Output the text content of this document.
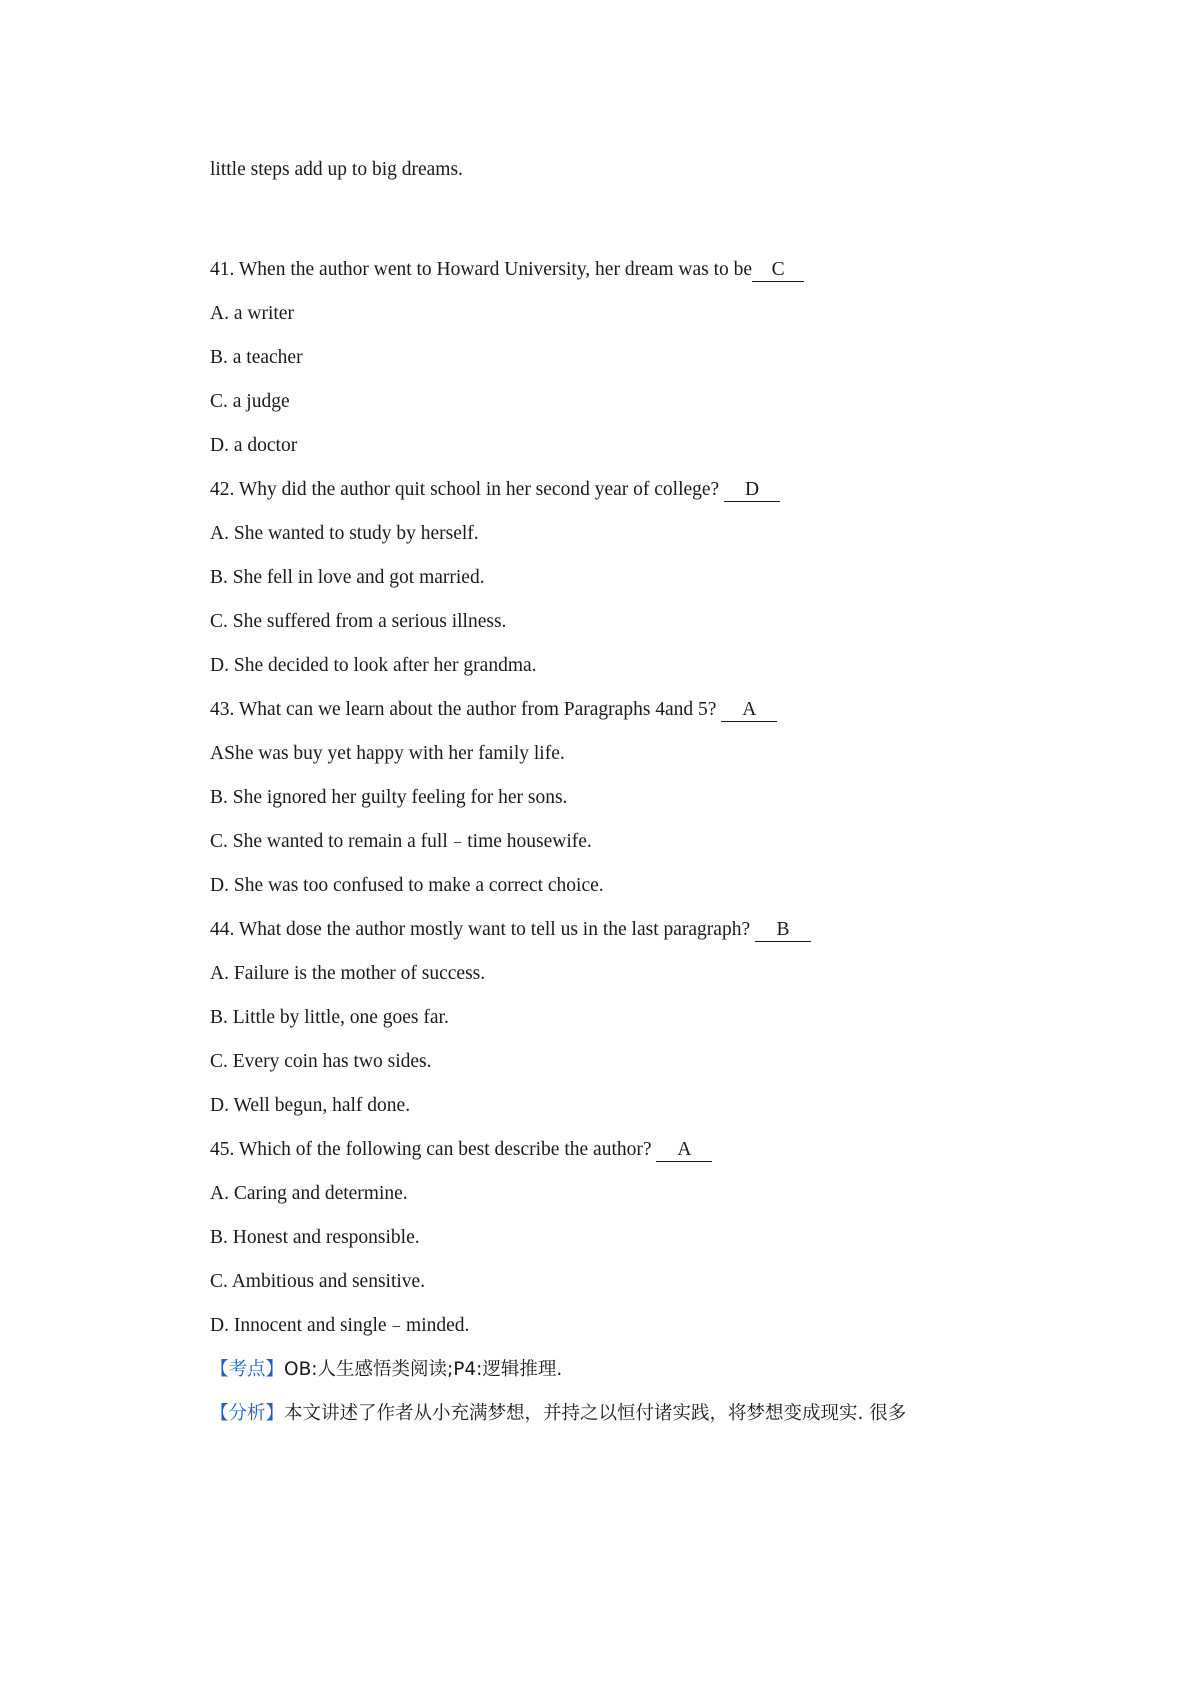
little steps add up to big dreams.
41. When the author went to Howard University, her dream was to be C
A. a writer
B. a teacher
C. a judge
D. a doctor
42. Why did the author quit school in her second year of college? D
A. She wanted to study by herself.
B. She fell in love and got married.
C. She suffered from a serious illness.
D. She decided to look after her grandma.
43. What can we learn about the author from Paragraphs 4and 5? A
AShe was buy yet happy with her family life.
B. She ignored her guilty feeling for her sons.
C. She wanted to remain a full﹣time housewife.
D. She was too confused to make a correct choice.
44. What dose the author mostly want to tell us in the last paragraph? B
A. Failure is the mother of success.
B. Little by little, one goes far.
C. Every coin has two sides.
D. Well begun, half done.
45. Which of the following can best describe the author? A
A. Caring and determine.
B. Honest and responsible.
C. Ambitious and sensitive.
D. Innocent and single﹣minded.
【考点】OB:人生感悟类阅读;P4:逻辑推理.
【分析】本文讲述了作者从小充满梦想，并持之以恒付诸实践，将梦想变成现实. 很多
